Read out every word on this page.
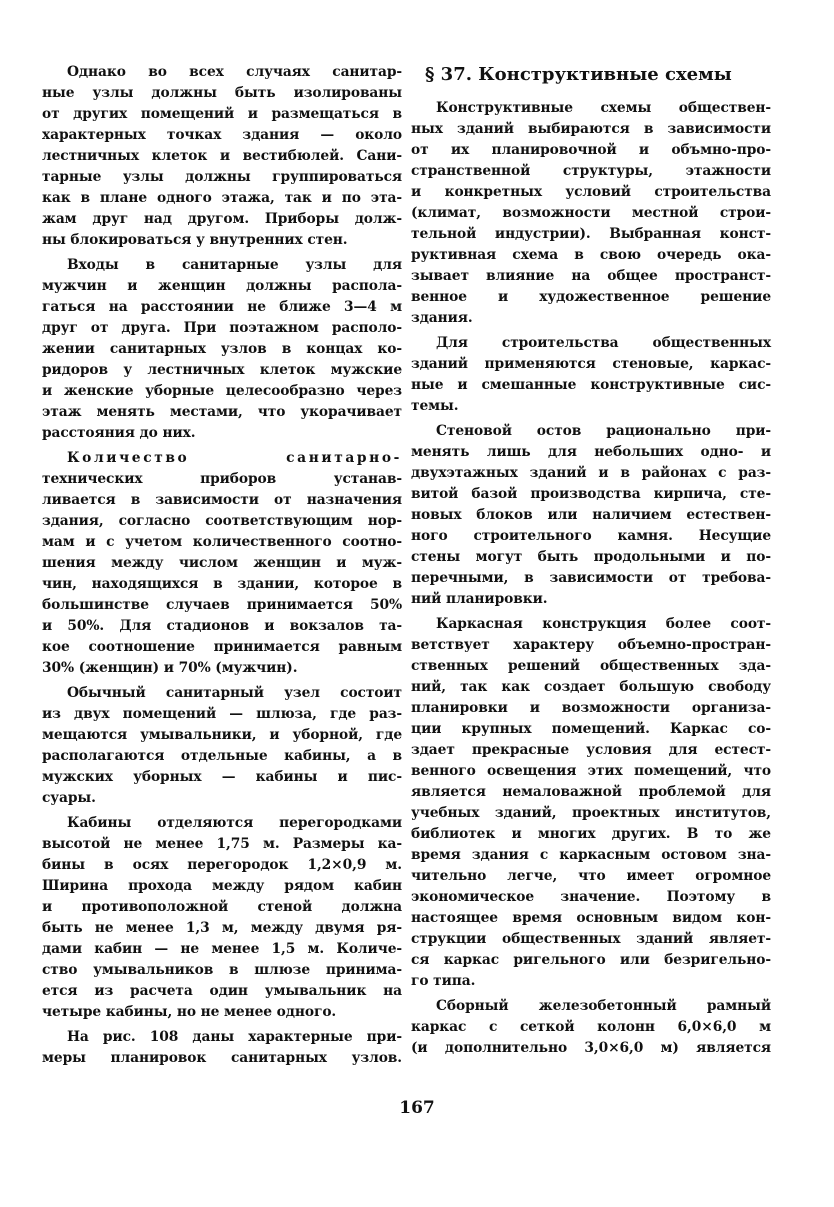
Однако во всех случаях санитар-
ные узлы должны быть изолированы
от других помещений и размещаться в
характерных точках здания — около
лестничных клеток и вестибюлей. Сани-
тарные узлы должны группироваться
как в плане одного этажа, так и по эта-
жам друг над другом. Приборы долж-
ны блокироваться у внутренних стен.
Входы в санитарные узлы для
мужчин и женщин должны распола-
гаться на расстоянии не ближе 3—4 м
друг от друга. При поэтажном располо-
жении санитарных узлов в концах ко-
ридоров у лестничных клеток мужские
и женские уборные целесообразно через
этаж менять местами, что укорачивает
расстояния до них.
Количество санитарно-
технических приборов устанав-
ливается в зависимости от назначения
здания, согласно соответствующим нор-
мам и с учетом количественного соотно-
шения между числом женщин и муж-
чин, находящихся в здании, которое в
большинстве случаев принимается 50%
и 50%. Для стадионов и вокзалов та-
кое соотношение принимается равным
30% (женщин) и 70% (мужчин).
Обычный санитарный узел состоит
из двух помещений — шлюза, где раз-
мещаются умывальники, и уборной, где
располагаются отдельные кабины, а в
мужских уборных — кабины и пис-
суары.
Кабины отделяются перегородками
высотой не менее 1,75 м. Размеры ка-
бины в осях перегородок 1,2×0,9 м.
Ширина прохода между рядом кабин
и противоположной стеной должна
быть не менее 1,3 м, между двумя ря-
дами кабин — не менее 1,5 м. Количе-
ство умывальников в шлюзе принима-
ется из расчета один умывальник на
четыре кабины, но не менее одного.
На рис. 108 даны характерные при-
меры планировок санитарных узлов.
§ 37. Конструктивные схемы
Конструктивные схемы обществен-
ных зданий выбираются в зависимости
от их планировочной и объмно-про-
странственной структуры, этажности
и конкретных условий строительства
(климат, возможности местной строи-
тельной индустрии). Выбранная конст-
руктивная схема в свою очередь ока-
зывает влияние на общее пространст-
венное и художественное решение
здания.
Для строительства общественных
зданий применяются стеновые, каркас-
ные и смешанные конструктивные сис-
темы.
Стеновой остов рационально при-
менять лишь для небольших одно- и
двухэтажных зданий и в районах с раз-
витой базой производства кирпича, сте-
новых блоков или наличием естествен-
ного строительного камня. Несущие
стены могут быть продольными и по-
перечными, в зависимости от требова-
ний планировки.
Каркасная конструкция более соот-
ветствует характеру объемно-простран-
ственных решений общественных зда-
ний, так как создает большую свободу
планировки и возможности организа-
ции крупных помещений. Каркас со-
здает прекрасные условия для естест-
венного освещения этих помещений, что
является немаловажной проблемой для
учебных зданий, проектных институтов,
библиотек и многих других. В то же
время здания с каркасным остовом зна-
чительно легче, что имеет огромное
экономическое значение. Поэтому в
настоящее время основным видом кон-
струкции общественных зданий являет-
ся каркас ригельного или безригельно-
го типа.
Сборный железобетонный рамный
каркас с сеткой колонн 6,0×6,0 м
(и дополнительно 3,0×6,0 м) является
167
